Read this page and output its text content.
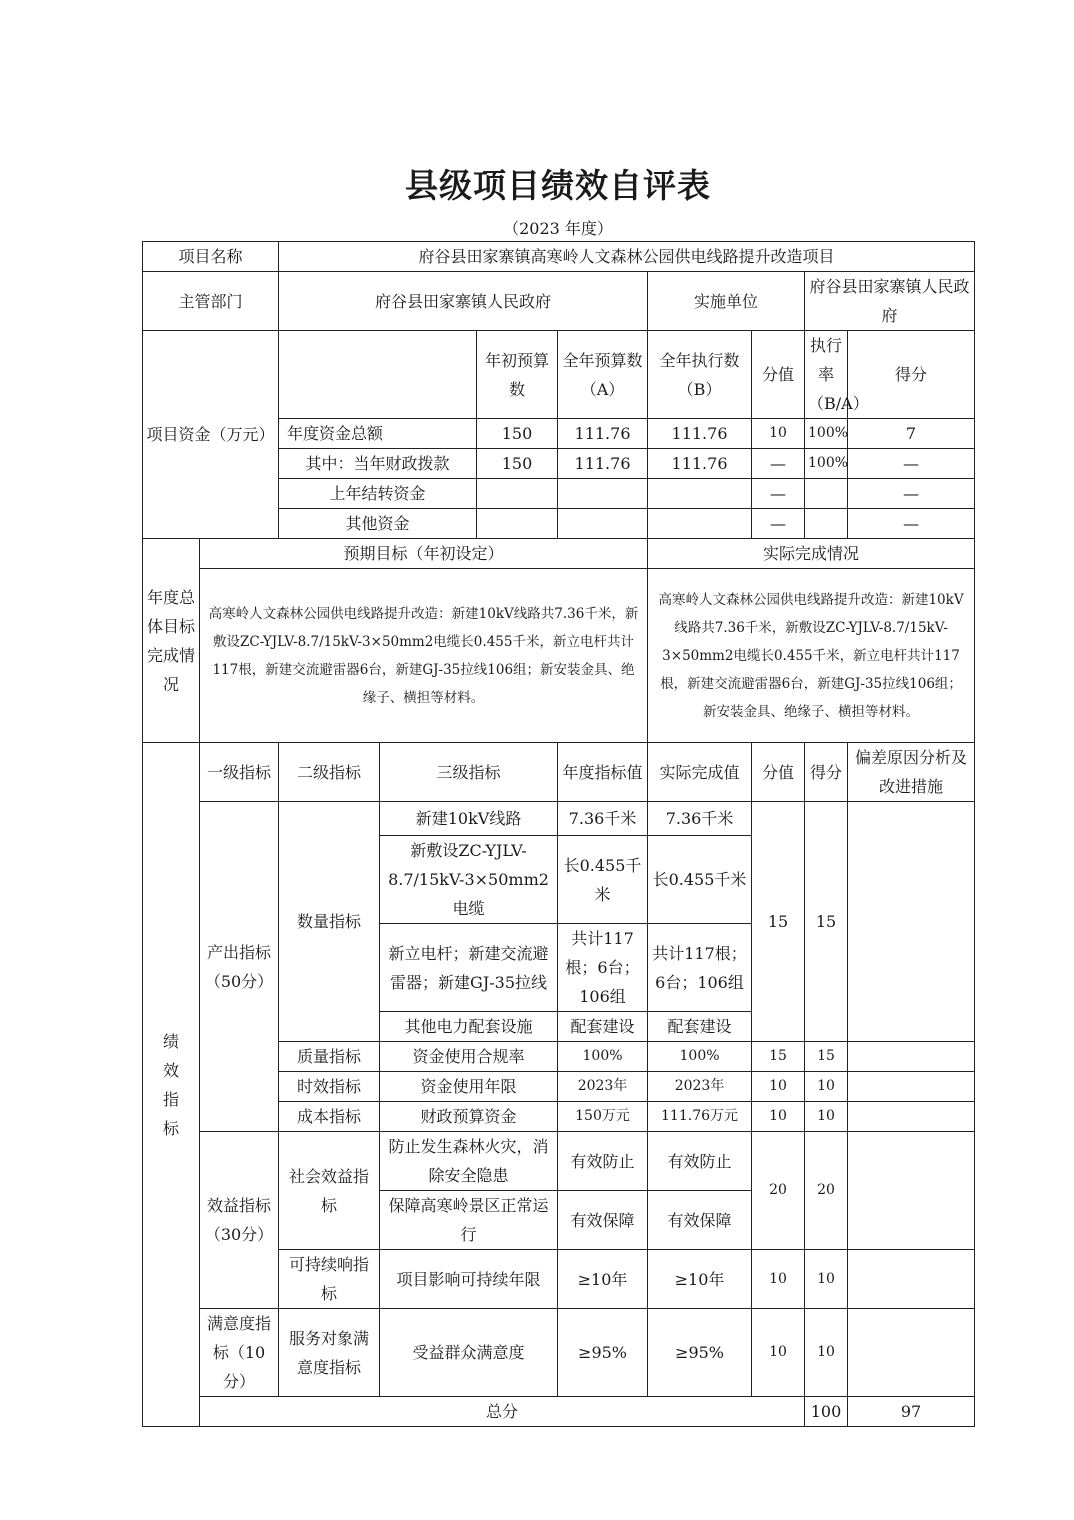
县级项目绩效自评表
（2023 年度）
项目名称		府谷县田家寨镇高寒岭人文森林公园供电线路提升改造项目								
主管部门		府谷县田家寨镇人民政府				实施单位		府谷县田家寨镇人民政府		
项目资金（万元）				年初预算数	全年预算数（A）	全年执行数（B）	分值	执行率（B/A）	得分	
		年度资金总额		150	111.76	111.76	10	100%	7	
		其中：当年财政拨款		150	111.76	111.76	—	100%	—	
		上年结转资金					—		—	
		其他资金					—		—	
年度总体目标完成情况	预期目标（年初设定）					实际完成情况				
	高寒岭人文森林公园供电线路提升改造：新建10kV线路共7.36千米，新敷设ZC-YJLV-8.7/15kV-3×50mm2电缆长0.455千米，新立电杆共计117根，新建交流避雷器6台，新建GJ-35拉线106组；新安装金具、绝缘子、横担等材料。					高寒岭人文森林公园供电线路提升改造：新建10kV线路共7.36千米，新敷设ZC-YJLV-8.7/15kV-3×50mm2电缆长0.455千米，新立电杆共计117根，新建交流避雷器6台，新建GJ-35拉线106组；新安装金具、绝缘子、横担等材料。				
绩效指标	一级指标	二级指标	三级指标		年度指标值	实际完成值	分值	得分	偏差原因分析及改进措施	
	产出指标（50分）	数量指标	新建10kV线路		7.36千米	7.36千米	15	15		
			新敷设ZC-YJLV-8.7/15kV-3×50mm2电缆		长0.455千米	长0.455千米				
			新立电杆；新建交流避雷器；新建GJ-35拉线		共计117根；6台；106组	共计117根；6台；106组				
			其他电力配套设施		配套建设	配套建设				
		质量指标	资金使用合规率		100%	100%	15	15		
		时效指标	资金使用年限		2023年	2023年	10	10		
		成本指标	财政预算资金		150万元	111.76万元	10	10		
	效益指标（30分）	社会效益指标	防止发生森林火灾，消除安全隐患		有效防止	有效防止	20	20		
			保障高寒岭景区正常运行		有效保障	有效保障				
		可持续响指标	项目影响可持续年限		≥10年	≥10年	10	10		
	满意度指标（10分）	服务对象满意度指标	受益群众满意度		≥95%	≥95%	10	10		
	总分							100	97	
